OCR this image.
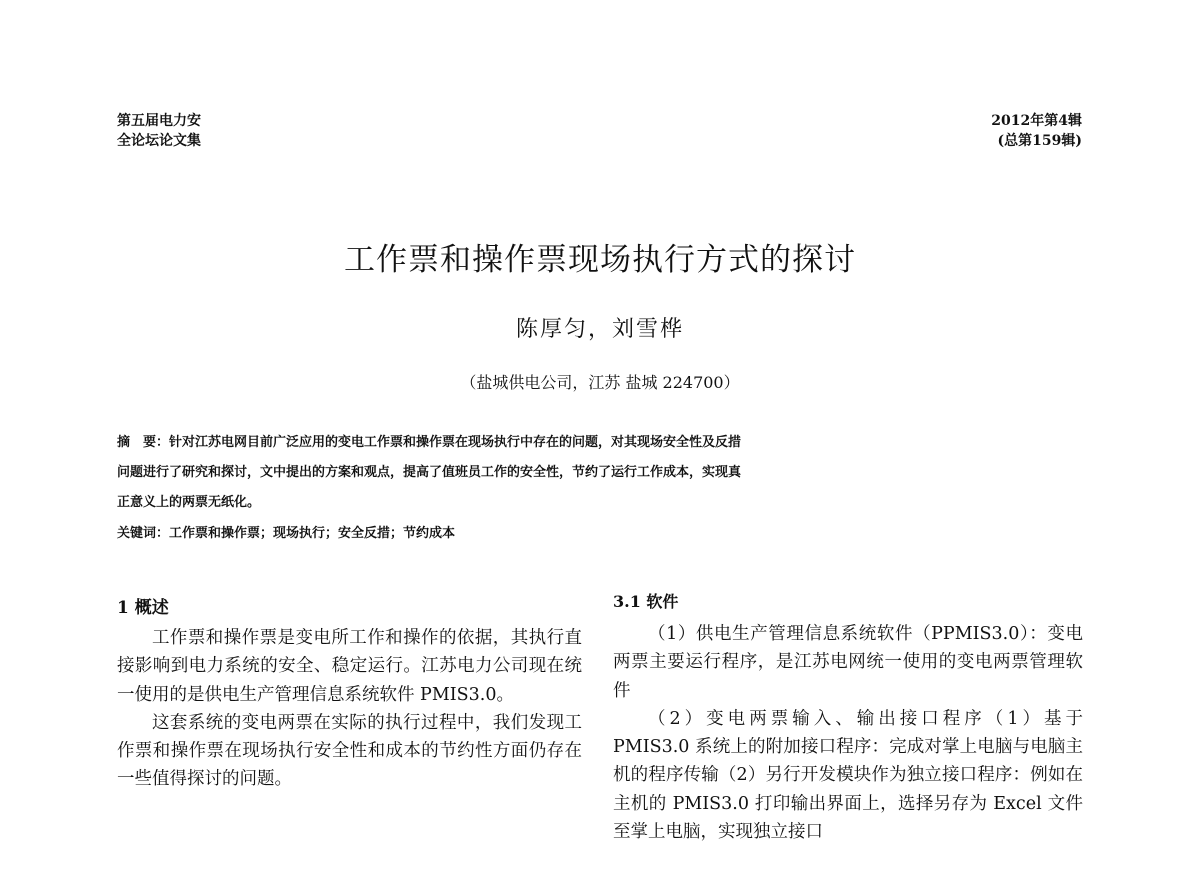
第五届电力安
全论坛论文集
2012年第4辑
(总第159辑)
工作票和操作票现场执行方式的探讨
陈厚匀，刘雪桦
（盐城供电公司，江苏 盐城 224700）
摘　要：针对江苏电网目前广泛应用的变电工作票和操作票在现场执行中存在的问题，对其现场安全性及反措
问题进行了研究和探讨，文中提出的方案和观点，提高了值班员工作的安全性，节约了运行工作成本，实现真
正意义上的两票无纸化。
关键词：工作票和操作票；现场执行；安全反措；节约成本
1 概述

工作票和操作票是变电所工作和操作的依据，其执行直接影响到电力系统的安全、稳定运行。江苏电力公司现在统一使用的是供电生产管理信息系统软件 PMIS3.0。

这套系统的变电两票在实际的执行过程中，我们发现工作票和操作票在现场执行安全性和成本的节约性方面仍存在一些值得探讨的问题。

3.1 软件

（1）供电生产管理信息系统软件（PPMIS3.0）：变电两票主要运行程序，是江苏电网统一使用的变电两票管理软件

（2）变电两票输入、输出接口程序（1）基于 PMIS3.0 系统上的附加接口程序：完成对掌上电脑与电脑主机的程序传输（2）另行开发模块作为独立接口程序：例如在主机的 PMIS3.0 打印输出界面上，选择另存为 Excel 文件至掌上电脑，实现独立接口
